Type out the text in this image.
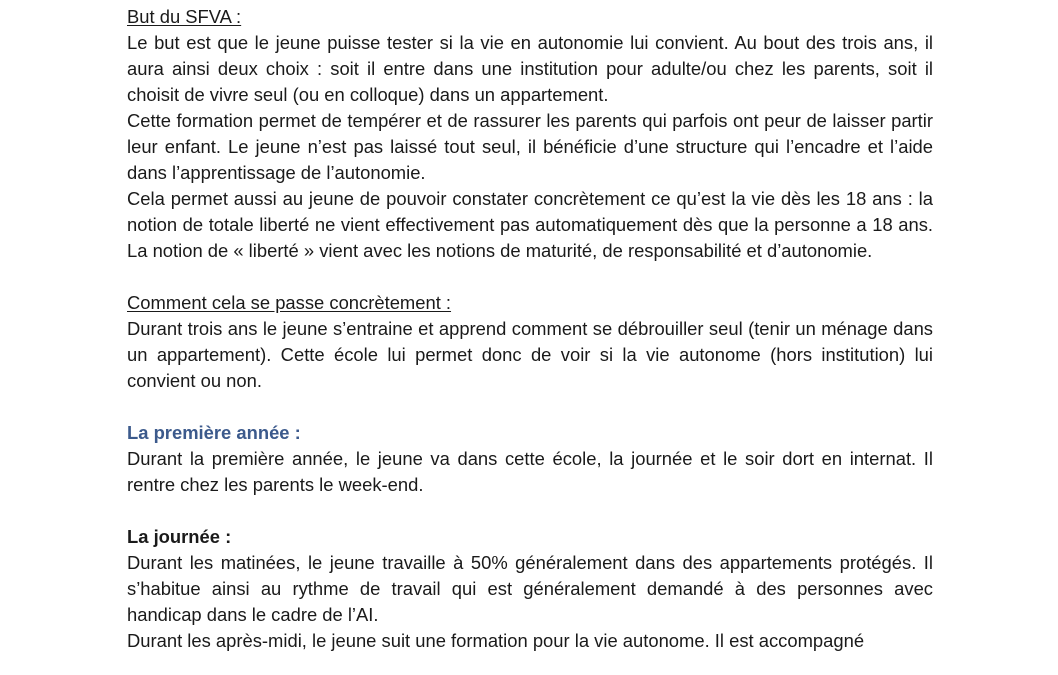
But du SFVA :

Le but est que le jeune puisse tester si la vie en autonomie lui convient. Au bout des trois ans, il aura ainsi deux choix : soit il entre dans une institution pour adulte/ou chez les parents, soit il choisit de vivre seul (ou en colloque) dans un appartement.

Cette formation permet de tempérer et de rassurer les parents qui parfois ont peur de laisser partir leur enfant. Le jeune n’est pas laissé tout seul, il bénéficie d’une structure qui l’encadre et l’aide dans l’apprentissage de l’autonomie.

Cela permet aussi au jeune de pouvoir constater concrètement ce qu’est la vie dès les 18 ans : la notion de totale liberté ne vient effectivement pas automatiquement dès que la personne a 18 ans. La notion de « liberté » vient avec les notions de maturité, de responsabilité et d’autonomie.

Comment cela se passe concrètement :

Durant trois ans le jeune s’entraine et apprend comment se débrouiller seul (tenir un ménage dans un appartement). Cette école lui permet donc de voir si la vie autonome (hors institution) lui convient ou non.

La première année :

Durant la première année, le jeune va dans cette école, la journée et le soir dort en internat. Il rentre chez les parents le week-end.

La journée :

Durant les matinées, le jeune travaille à 50% généralement dans des appartements protégés. Il s’habitue ainsi au rythme de travail qui est généralement demandé à des personnes avec handicap dans le cadre de l’AI.

Durant les après-midi, le jeune suit une formation pour la vie autonome. Il est accompagné
